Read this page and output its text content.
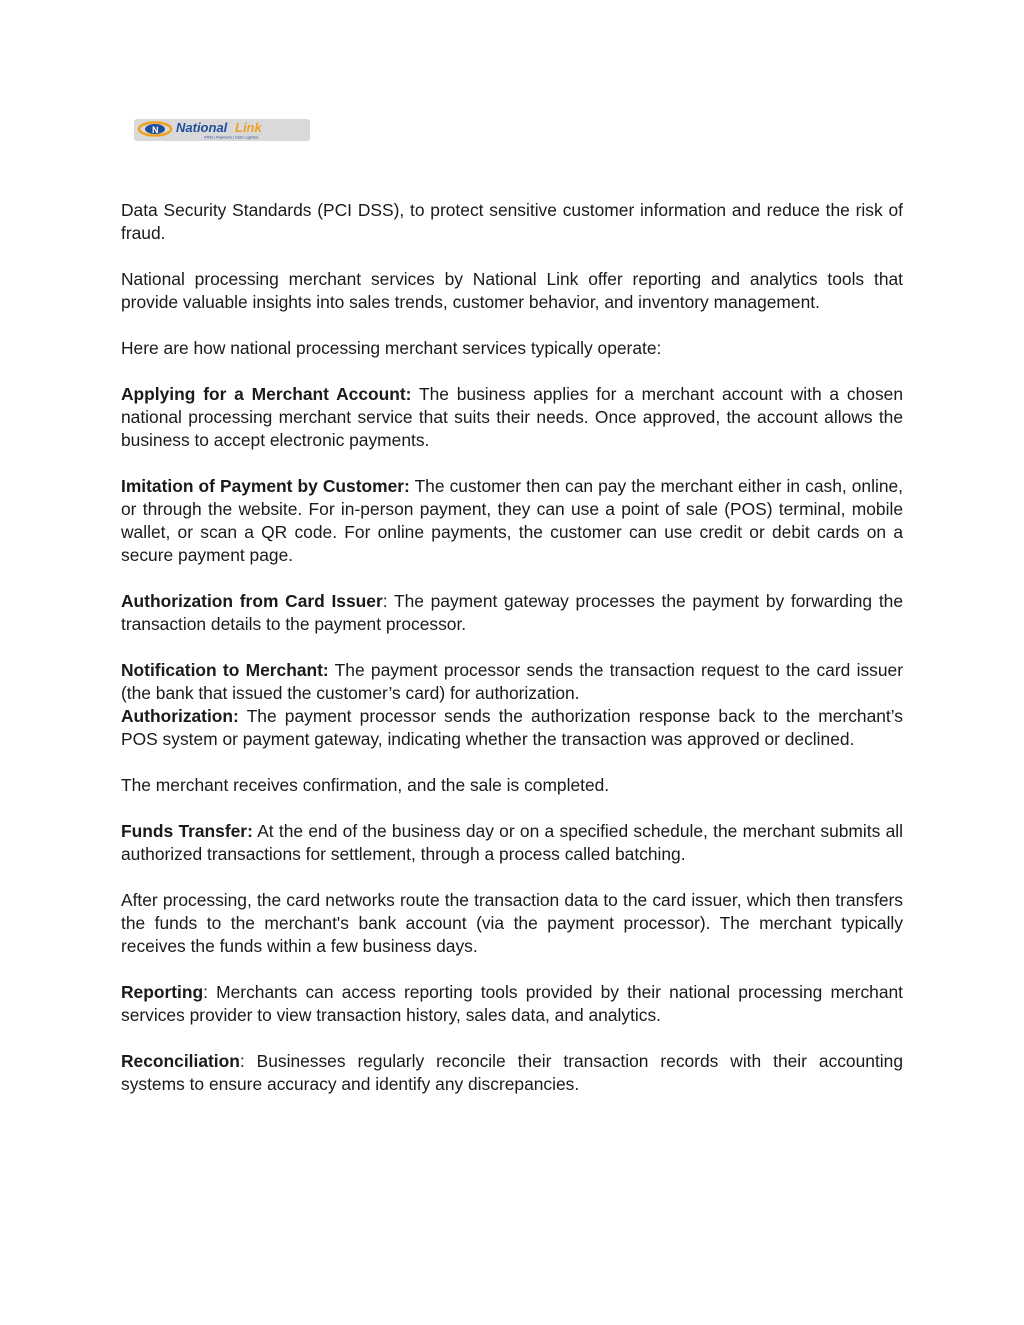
N National Link
ATMs | Payments | Cash Logistics

Data Security Standards (PCI DSS), to protect sensitive customer information and reduce the risk of fraud.

National processing merchant services by National Link offer reporting and analytics tools that provide valuable insights into sales trends, customer behavior, and inventory management.

Here are how national processing merchant services typically operate:

Applying for a Merchant Account: The business applies for a merchant account with a chosen national processing merchant service that suits their needs. Once approved, the account allows the business to accept electronic payments.

Imitation of Payment by Customer: The customer then can pay the merchant either in cash, online, or through the website. For in-person payment, they can use a point of sale (POS) terminal, mobile wallet, or scan a QR code. For online payments, the customer can use credit or debit cards on a secure payment page.

Authorization from Card Issuer: The payment gateway processes the payment by forwarding the transaction details to the payment processor.

Notification to Merchant: The payment processor sends the transaction request to the card issuer (the bank that issued the customer’s card) for authorization.

Authorization: The payment processor sends the authorization response back to the merchant’s POS system or payment gateway, indicating whether the transaction was approved or declined.

The merchant receives confirmation, and the sale is completed.

Funds Transfer: At the end of the business day or on a specified schedule, the merchant submits all authorized transactions for settlement, through a process called batching.

After processing, the card networks route the transaction data to the card issuer, which then transfers the funds to the merchant's bank account (via the payment processor). The merchant typically receives the funds within a few business days.

Reporting: Merchants can access reporting tools provided by their national processing merchant services provider to view transaction history, sales data, and analytics.

Reconciliation: Businesses regularly reconcile their transaction records with their accounting systems to ensure accuracy and identify any discrepancies.
